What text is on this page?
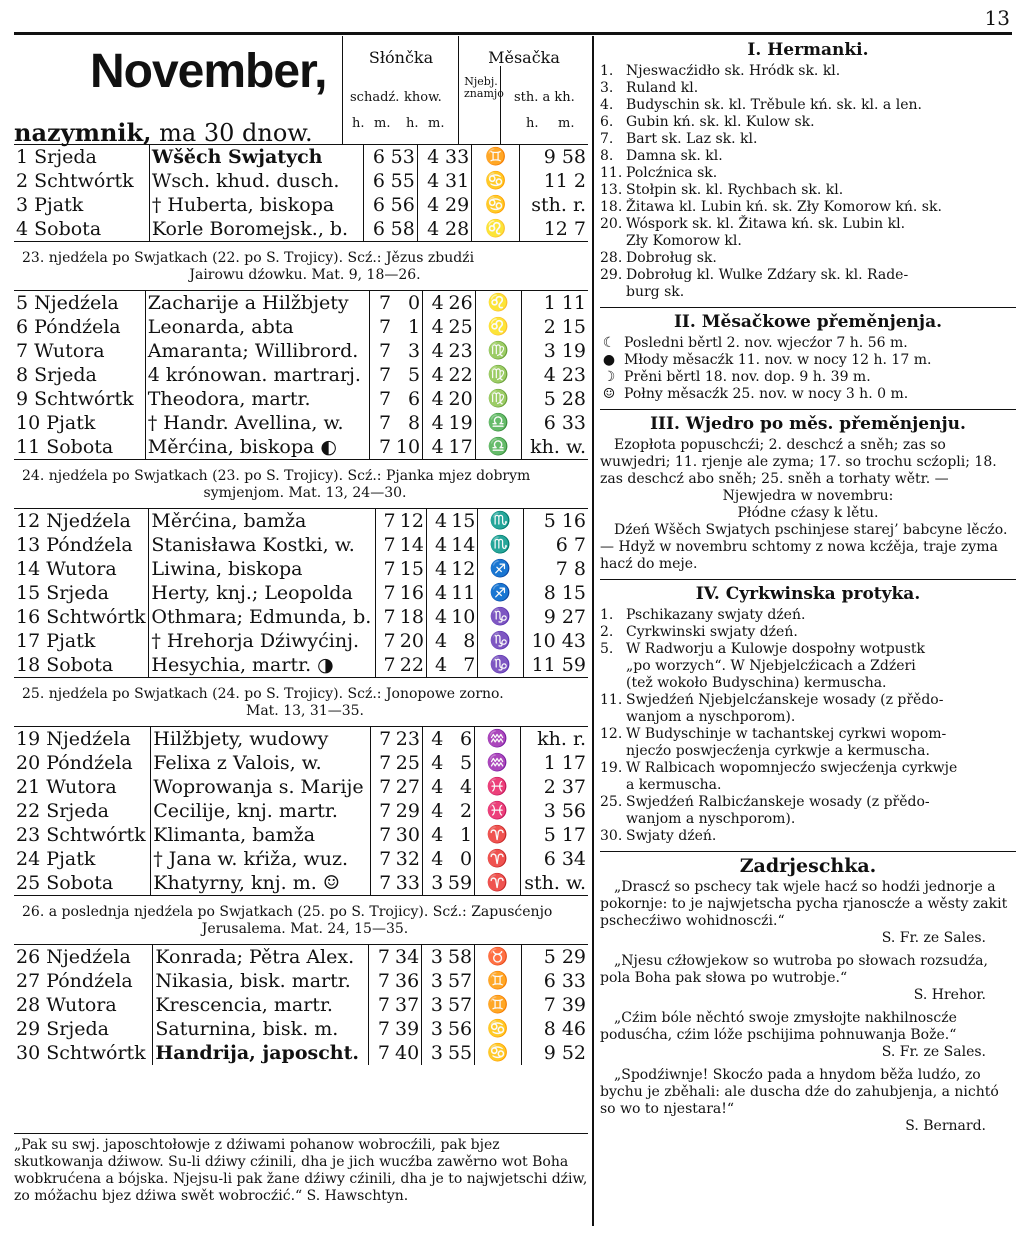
13
November,
nazymnik, ma 30 dnow.
Słónčka	Měsačka
schadź. khow.
h. m. h. m.
Njebj. znamjo sth. a kh.
h. m.
1 Srjeda	Wšěch Swjatych	6	53	4	33	♊	9 58
2 Schtwórtk	Wsch. khud. dusch.	6	55	4	31	♋	11 2
3 Pjatk	† Huberta, biskopa	6	56	4	29	♋	sth. r.
4 Sobota	Korle Boromejsk., b.	6	58	4	28	♌	12 7
23. njedźela po Swjatkach (22. po S. Trojicy). Scź.: Jězus zbudźi
Jairowu dźowku. Mat. 9, 18—26.
5 Njedźela	Zacharije a Hilžbjety	7	0	4	26	♌	1 11
6 Póndźela	Leonarda, abta	7	1	4	25	♌	2 15
7 Wutora	Amaranta; Willibrord.	7	3	4	23	♍	3 19
8 Srjeda	4 krónowan. martrarj.	7	5	4	22	♍	4 23
9 Schtwórtk	Theodora, martr.	7	6	4	20	♍	5 28
10 Pjatk	† Handr. Avellina, w.	7	8	4	19	♎	6 33
11 Sobota	Měrćina, biskopa ◐	7	10	4	17	♎	kh. w.
24. njedźela po Swjatkach (23. po S. Trojicy). Scź.: Pjanka mjez dobrym
symjenjom. Mat. 13, 24—30.
12 Njedźela	Měrćina, bamža	7	12	4	15	♏	5 16
13 Póndźela	Stanisława Kostki, w.	7	14	4	14	♏	6 7
14 Wutora	Liwina, biskopa	7	15	4	12	♐	7 8
15 Srjeda	Herty, knj.; Leopolda	7	16	4	11	♐	8 15
16 Schtwórtk	Othmara; Edmunda, b.	7	18	4	10	♑	9 27
17 Pjatk	† Hrehorja Dźiwyćinj.	7	20	4	8	♑	10 43
18 Sobota	Hesychia, martr. ◑	7	22	4	7	♑	11 59
25. njedźela po Swjatkach (24. po S. Trojicy). Scź.: Jonopowe zorno.
Mat. 13, 31—35.
19 Njedźela	Hilžbjety, wudowy	7	23	4	6	♒	kh. r.
20 Póndźela	Felixa z Valois, w.	7	25	4	5	♒	1 17
21 Wutora	Woprowanja s. Marije	7	27	4	4	♓	2 37
22 Srjeda	Cecilije, knj. martr.	7	29	4	2	♓	3 56
23 Schtwórtk	Klimanta, bamža	7	30	4	1	♈	5 17
24 Pjatk	† Jana w. kŕiža, wuz.	7	32	4	0	♈	6 34
25 Sobota	Khatyrny, knj. m. ☺	7	33	3	59	♈	sth. w.
26. a poslednja njedźela po Swjatkach (25. po S. Trojicy). Scź.: Zapusćenjo
Jerusalema. Mat. 24, 15—35.
26 Njedźela	Konrada; Pětra Alex.	7	34	3	58	♉	5 29
27 Póndźela	Nikasia, bisk. martr.	7	36	3	57	♊	6 33
28 Wutora	Krescencia, martr.	7	37	3	57	♊	7 39
29 Srjeda	Saturnina, bisk. m.	7	39	3	56	♋	8 46
30 Schtwórtk	Handrija, japoscht.	7	40	3	55	♋	9 52
„Pak su swj. japoschtołowje z dźiwami pohanow wobrocźili, pak bjez skutkowanja dźiwow. Su-li dźiwy cźinili, dha je jich wucźba zawěrno wot Boha wobkrućena a bójska. Njejsu-li pak žane dźiwy cźinili, dha je to najwjetschi dźiw, zo móžachu bjez dźiwa swět wobrocźić.“ S. Hawschtyn.
I. Hermanki.
1. Njeswacźidło sk. Hródk sk. kl.
3. Ruland kl.
4. Budyschin sk. kl. Trěbule kń. sk. kl. a len.
6. Gubin kń. sk. kl. Kulow sk.
7. Bart sk. Laz sk. kl.
8. Damna sk. kl.
11. Polcźnica sk.
13. Stołpin sk. kl. Rychbach sk. kl.
18. Žitawa kl. Lubin kń. sk. Zły Komorow kń. sk.
20. Wóspork sk. kl. Žitawa kń. sk. Lubin kl.
Zły Komorow kl.
28. Dobroług sk.
29. Dobroług kl. Wulke Zdźary sk. kl. Rade-
burg sk.
II. Měsačkowe přeměnjenja.
☾ Posledni běrtl 2. nov. wjecźor 7 h. 56 m.
● Młody měsacźk 11. nov. w nocy 12 h. 17 m.
☽ Prěni běrtl 18. nov. dop. 9 h. 39 m.
☺ Połny měsacźk 25. nov. w nocy 3 h. 0 m.
III. Wjedro po měs. přeměnjenju.
Ezopłota popuschcźi; 2. deschcź a sněh; zas so wuwjedri; 11. rjenje ale zyma; 17. so trochu scźopli; 18. zas deschcź abo sněh; 25. sněh a torhaty wětr. —
Njewjedra w novembru:
Płódne cźasy k lětu.
Dźeń Wšěch Swjatych pschinjese starej’ babcyne lěcźo. — Hdyž w novembru schtomy z nowa kcźěja, traje zyma hacź do meje.
IV. Cyrkwinska protyka.
1. Pschikazany swjaty dźeń.
2. Cyrkwinski swjaty dźeń.
5. W Radworju a Kulowje dospołny wotpustk
„po worzych“. W Njebjelcźicach a Zdźeri
(tež wokoło Budyschina) kermuscha.
11. Swjedźeń Njebjelcźanskeje wosady (z přědo-
wanjom a nyschporom).
12. W Budyschinje w tachantskej cyrkwi wopom-
njecźo poswjecźenja cyrkwje a kermuscha.
19. W Ralbicach wopomnjecźo swjecźenja cyrkwje
a kermuscha.
25. Swjedźeń Ralbicźanskeje wosady (z přědo-
wanjom a nyschporom).
30. Swjaty dźeń.
Zadrjeschka.
„Drascź so pschecy tak wjele hacź so hodźi jednorje a pokornje: to je najwjetscha pycha rjanoscźe a wěsty zakit pschecźiwo wohidnoscźi.“
S. Fr. ze Sales.
„Njesu cźłowjekow so wutroba po słowach rozsudźa, pola Boha pak słowa po wutrobje.“
S. Hrehor.
„Cźim bóle něchtó swoje zmysłojte nakhilnoscźe podusćha, cźim lóže pschijima pohnuwanja Bože.“
S. Fr. ze Sales.
„Spodźiwnje! Skocźo pada a hnydom běža ludźo, zo bychu je zběhali: ale duscha dźe do zahubjenja, a nichtó so wo to njestara!“
S. Bernard.
